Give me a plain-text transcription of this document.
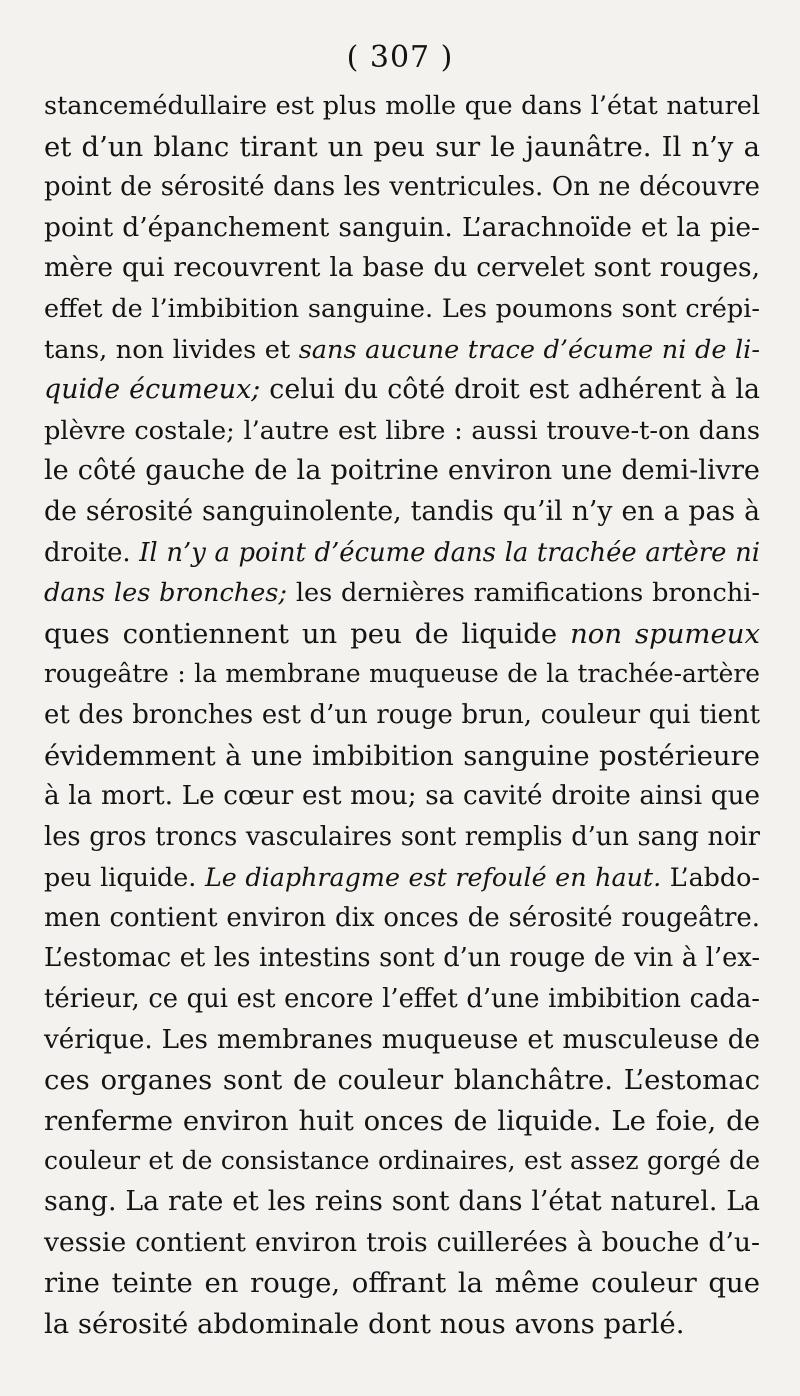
( 307 )
stancemédullaire est plus molle que dans l’état naturel
et d’un blanc tirant un peu sur le jaunâtre. Il n’y a
point de sérosité dans les ventricules. On ne découvre
point d’épanchement sanguin. L’arachnoïde et la pie-
mère qui recouvrent la base du cervelet sont rouges,
effet de l’imbibition sanguine. Les poumons sont crépi-
tans, non livides et sans aucune trace d’écume ni de li-
quide écumeux; celui du côté droit est adhérent à la
plèvre costale; l’autre est libre : aussi trouve-t-on dans
le côté gauche de la poitrine environ une demi-livre
de sérosité sanguinolente, tandis qu’il n’y en a pas à
droite. Il n’y a point d’écume dans la trachée artère ni
dans les bronches; les dernières ramifications bronchi-
ques contiennent un peu de liquide non spumeux
rougeâtre : la membrane muqueuse de la trachée-artère
et des bronches est d’un rouge brun, couleur qui tient
évidemment à une imbibition sanguine postérieure
à la mort. Le cœur est mou; sa cavité droite ainsi que
les gros troncs vasculaires sont remplis d’un sang noir
peu liquide. Le diaphragme est refoulé en haut. L’abdo-
men contient environ dix onces de sérosité rougeâtre.
L’estomac et les intestins sont d’un rouge de vin à l’ex-
térieur, ce qui est encore l’effet d’une imbibition cada-
vérique. Les membranes muqueuse et musculeuse de
ces organes sont de couleur blanchâtre. L’estomac
renferme environ huit onces de liquide. Le foie, de
couleur et de consistance ordinaires, est assez gorgé de
sang. La rate et les reins sont dans l’état naturel. La
vessie contient environ trois cuillerées à bouche d’u-
rine teinte en rouge, offrant la même couleur que
la sérosité abdominale dont nous avons parlé.
